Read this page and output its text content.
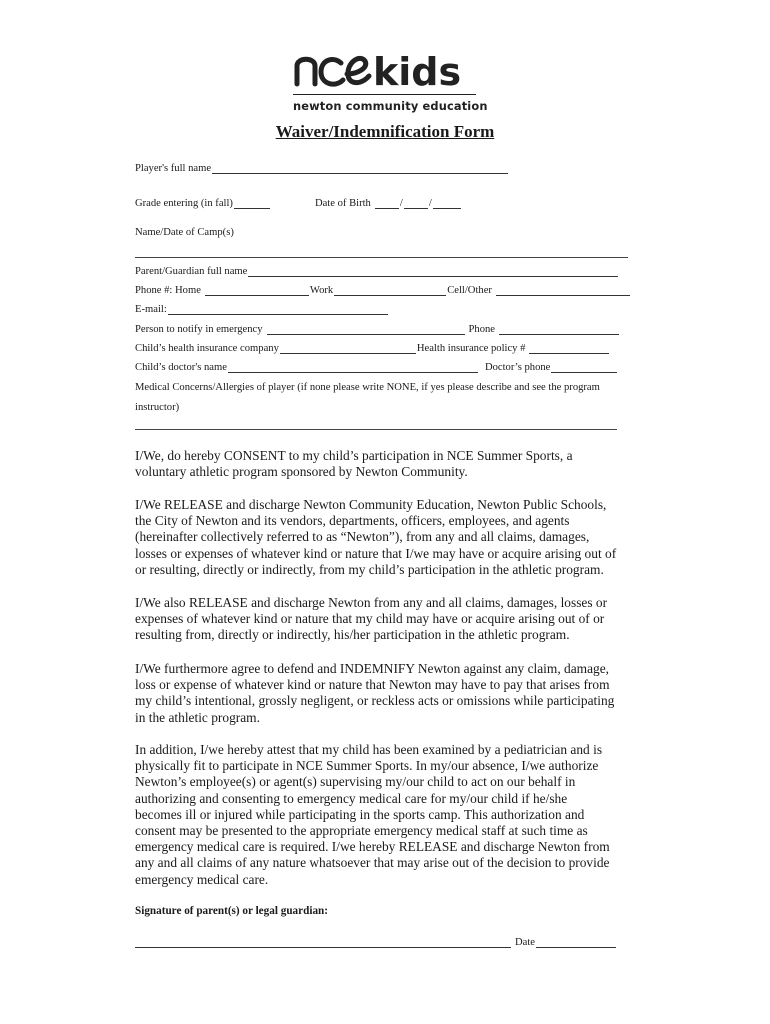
kids
newton community education
Waiver/Indemnification Form
Player's full name
Grade entering (in fall)	Date of Birth	/ /
Name/Date of Camp(s)
Parent/Guardian full name
Phone #: Home	Work	Cell/Other
E-mail:
Person to notify in emergency	Phone
Child’s health insurance company	Health insurance policy #
Child’s doctor's name	Doctor’s phone
Medical Concerns/Allergies of player (if none please write NONE, if yes please describe and see the program
instructor)
I/We, do hereby CONSENT to my child’s participation in NCE Summer Sports, a
voluntary athletic program sponsored by Newton Community.
I/We RELEASE and discharge Newton Community Education, Newton Public Schools,
the City of Newton and its vendors, departments, officers, employees, and agents
(hereinafter collectively referred to as “Newton”), from any and all claims, damages,
losses or expenses of whatever kind or nature that I/we may have or acquire arising out of
or resulting, directly or indirectly, from my child’s participation in the athletic program.
I/We also RELEASE and discharge Newton from any and all claims, damages, losses or
expenses of whatever kind or nature that my child may have or acquire arising out of or
resulting from, directly or indirectly, his/her participation in the athletic program.
I/We furthermore agree to defend and INDEMNIFY Newton against any claim, damage,
loss or expense of whatever kind or nature that Newton may have to pay that arises from
my child’s intentional, grossly negligent, or reckless acts or omissions while participating
in the athletic program.
In addition, I/we hereby attest that my child has been examined by a pediatrician and is
physically fit to participate in NCE Summer Sports. In my/our absence, I/we authorize
Newton’s employee(s) or agent(s) supervising my/our child to act on our behalf in
authorizing and consenting to emergency medical care for my/our child if he/she
becomes ill or injured while participating in the sports camp. This authorization and
consent may be presented to the appropriate emergency medical staff at such time as
emergency medical care is required. I/we hereby RELEASE and discharge Newton from
any and all claims of any nature whatsoever that may arise out of the decision to provide
emergency medical care.
Signature of parent(s) or legal guardian:
Date
